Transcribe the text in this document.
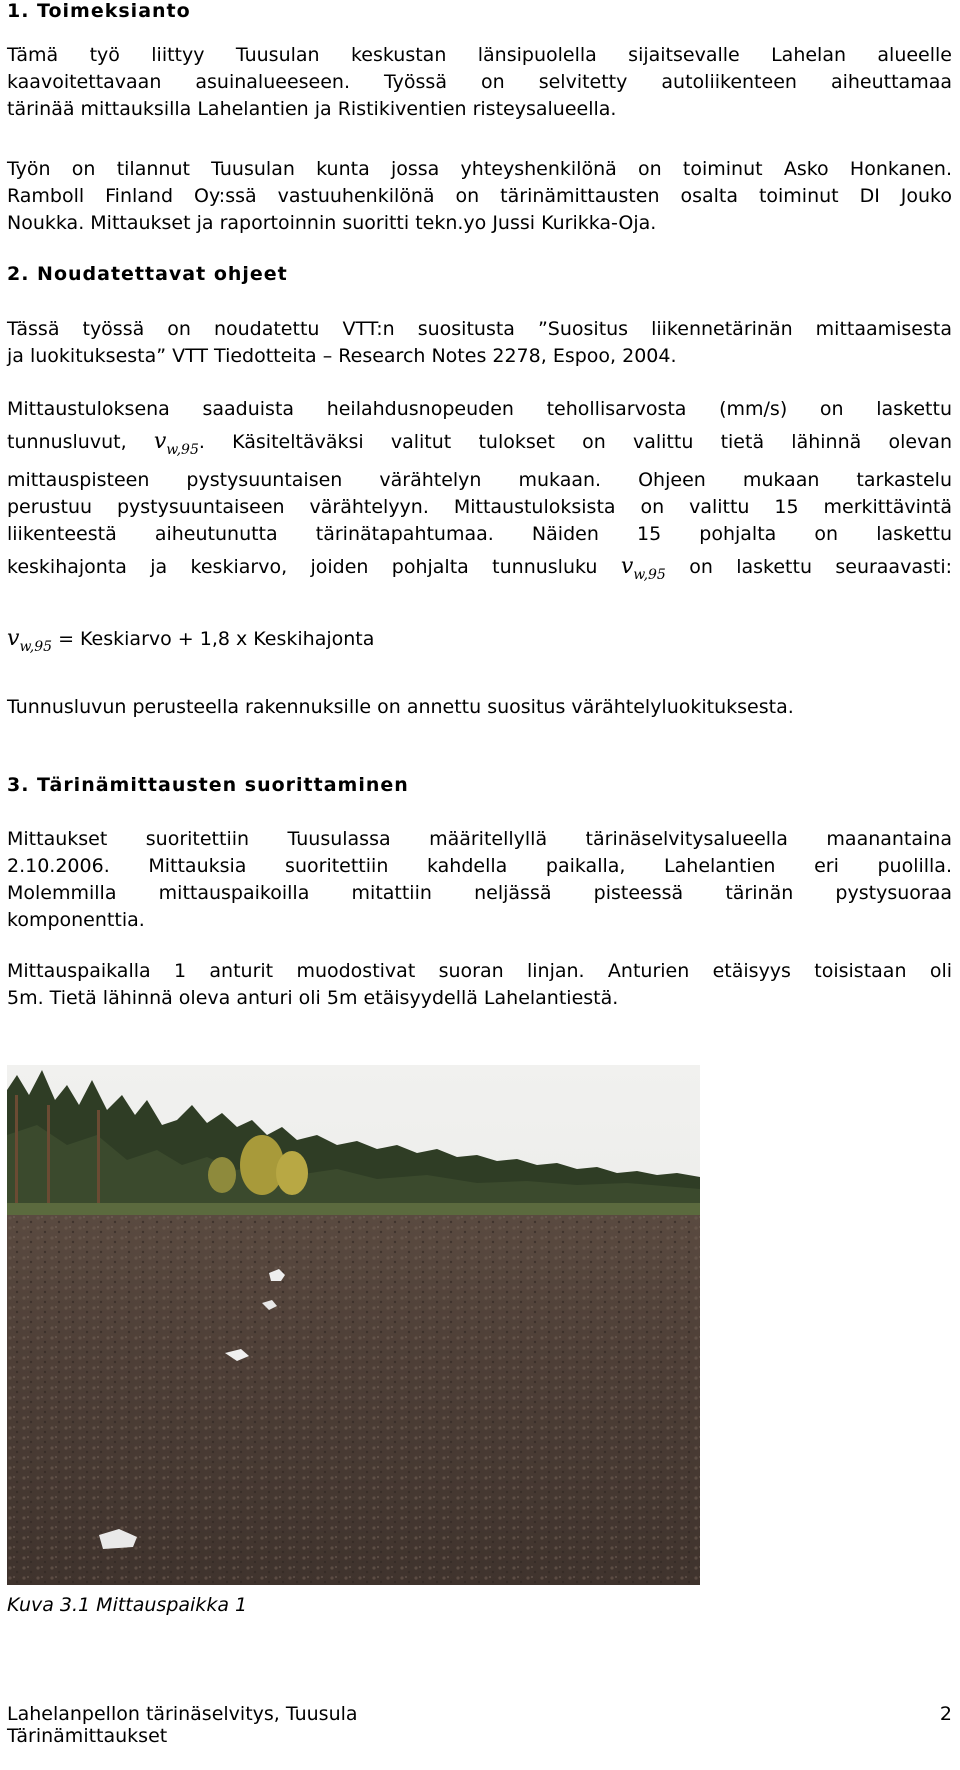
1. Toimeksianto
Tämä työ liittyy Tuusulan keskustan länsipuolella sijaitsevalle Lahelan alueelle
kaavoitettavaan asuinalueeseen. Työssä on selvitetty autoliikenteen aiheuttamaa
tärinää mittauksilla Lahelantien ja Ristikiventien risteysalueella.
Työn on tilannut Tuusulan kunta jossa yhteyshenkilönä on toiminut Asko Honkanen.
Ramboll Finland Oy:ssä vastuuhenkilönä on tärinämittausten osalta toiminut DI Jouko
Noukka. Mittaukset ja raportoinnin suoritti tekn.yo Jussi Kurikka-Oja.
2. Noudatettavat ohjeet
Tässä työssä on noudatettu VTT:n suositusta ”Suositus liikennetärinän mittaamisesta
ja luokituksesta” VTT Tiedotteita – Research Notes 2278, Espoo, 2004.
Mittaustuloksena saaduista heilahdusnopeuden tehollisarvosta (mm/s) on laskettu
tunnusluvut, $v_{w,95}$. Käsiteltäväksi valitut tulokset on valittu tietä lähinnä olevan
mittauspisteen pystysuuntaisen värähtelyn mukaan. Ohjeen mukaan tarkastelu
perustuu pystysuuntaiseen värähtelyyn. Mittaustuloksista on valittu 15 merkittävintä
liikenteestä aiheutunutta tärinätapahtumaa. Näiden 15 pohjalta on laskettu
keskihajonta ja keskiarvo, joiden pohjalta tunnusluku $v_{w,95}$ on laskettu seuraavasti:
$v_{w,95}$ = Keskiarvo + 1,8 x Keskihajonta
Tunnusluvun perusteella rakennuksille on annettu suositus värähtelyluokituksesta.
3. Tärinämittausten suorittaminen
Mittaukset suoritettiin Tuusulassa määritellyllä tärinäselvitysalueella maanantaina
2.10.2006. Mittauksia suoritettiin kahdella paikalla, Lahelantien eri puolilla.
Molemmilla mittauspaikoilla mitattiin neljässä pisteessä tärinän pystysuoraa
komponenttia.
Mittauspaikalla 1 anturit muodostivat suoran linjan. Anturien etäisyys toisistaan oli
5m. Tietä lähinnä oleva anturi oli 5m etäisyydellä Lahelantiestä.
Kuva 3.1 Mittauspaikka 1
Lahelanpellon tärinäselvitys, Tuusula
Tärinämittaukset
2
